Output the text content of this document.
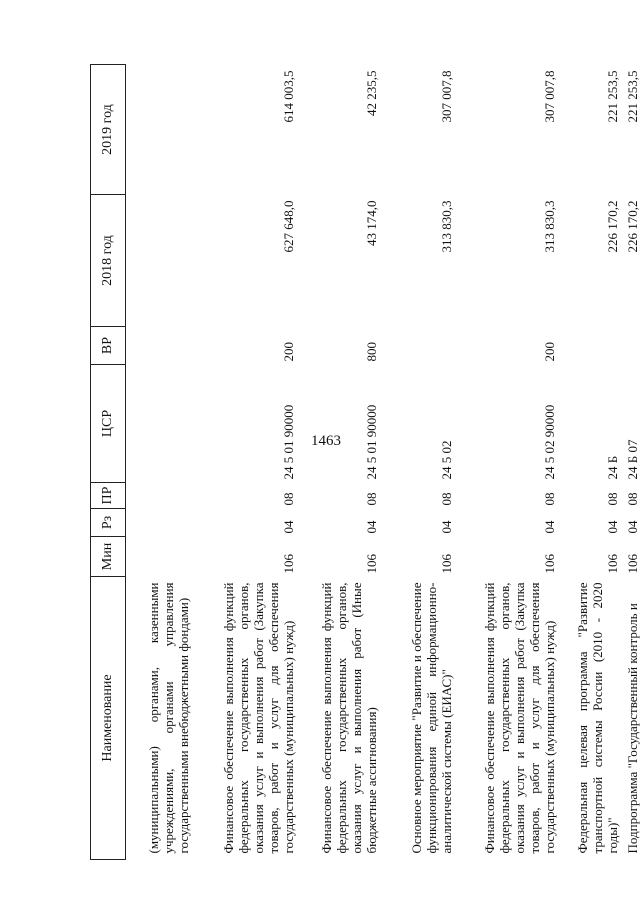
1463
Наименование	Мин	Рз	ПР	ЦСР	ВР	2018 год	2019 год
(муниципальными) органами, казенными учреждениями, органами управления государственными внебюджетными фондами)							
Финансовое обеспечение выполнения функций федеральных государственных органов, оказания услуг и выполнения работ (Закупка товаров, работ и услуг для обеспечения государственных (муниципальных) нужд)	106	04	08	24 5 01 90000	200	627 648,0	614 003,5
Финансовое обеспечение выполнения функций федеральных государственных органов, оказания услуг и выполнения работ (Иные бюджетные ассигнования)	106	04	08	24 5 01 90000	800	43 174,0	42 235,5
Основное мероприятие "Развитие и обеспечение функционирования единой информационно-аналитической системы (ЕИАС)"	106	04	08	24 5 02		313 830,3	307 007,8
Финансовое обеспечение выполнения функций федеральных государственных органов, оказания услуг и выполнения работ (Закупка товаров, работ и услуг для обеспечения государственных (муниципальных) нужд)	106	04	08	24 5 02 90000	200	313 830,3	307 007,8
Федеральная целевая программа "Развитие транспортной системы России (2010 - 2020 годы)"	106	04	08	24 Б		226 170,2	221 253,5
Подпрограмма "Государственный контроль и	106	04	08	24 Б 07		226 170,2	221 253,5
